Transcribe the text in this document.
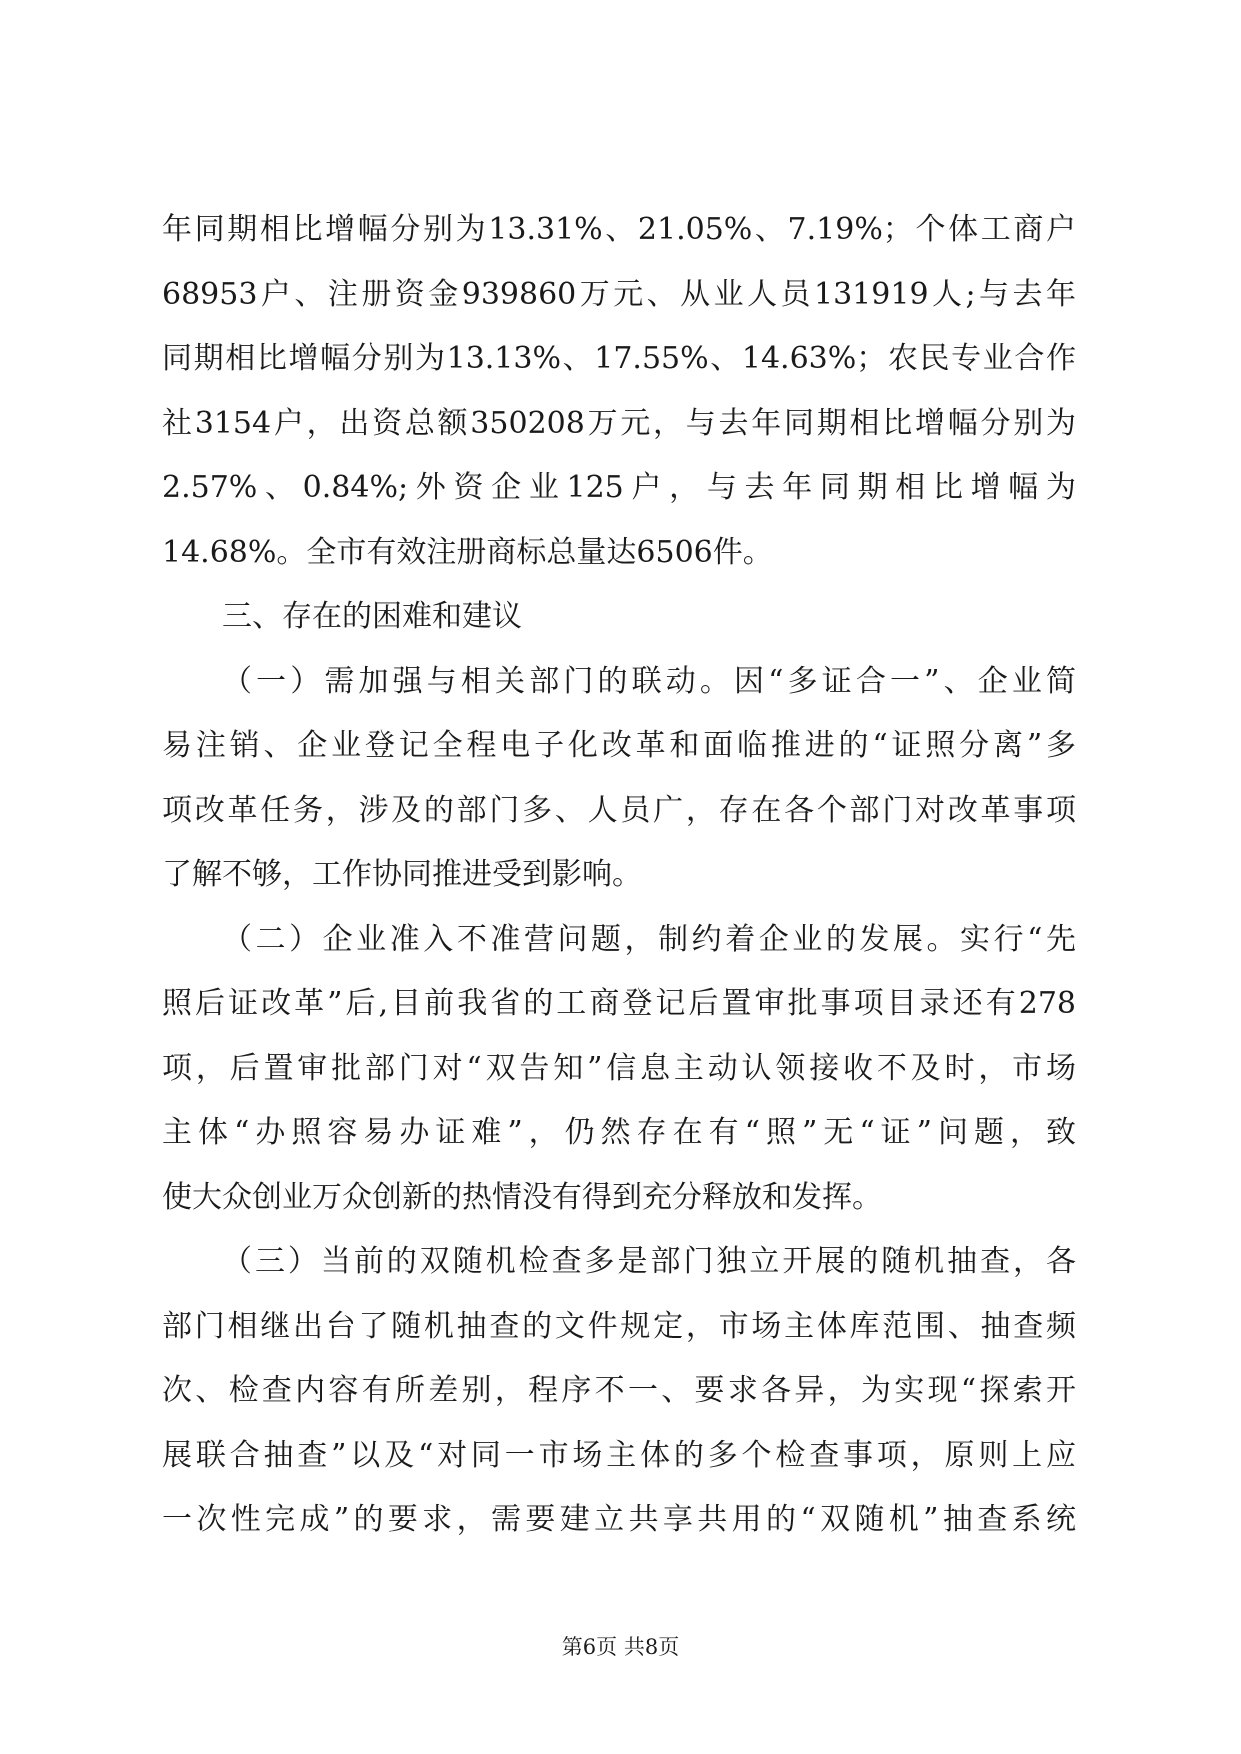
年同期相比增幅分别为13.31%、21.05%、7.19%；个体工商户
68953户、注册资金939860万元、从业人员131919人;与去年
同期相比增幅分别为13.13%、17.55%、14.63%；农民专业合作
社3154户，出资总额350208万元，与去年同期相比增幅分别为
2.57%、0.84%;外资企业125户，与去年同期相比增幅为
14.68%。全市有效注册商标总量达6506件。
三、存在的困难和建议
（一）需加强与相关部门的联动。因“多证合一”、企业简
易注销、企业登记全程电子化改革和面临推进的“证照分离”多
项改革任务，涉及的部门多、人员广，存在各个部门对改革事项
了解不够，工作协同推进受到影响。
（二）企业准入不准营问题，制约着企业的发展。实行“先
照后证改革”后,目前我省的工商登记后置审批事项目录还有278
项，后置审批部门对“双告知”信息主动认领接收不及时，市场
主体“办照容易办证难”，仍然存在有“照”无“证”问题，致
使大众创业万众创新的热情没有得到充分释放和发挥。
（三）当前的双随机检查多是部门独立开展的随机抽查，各
部门相继出台了随机抽查的文件规定，市场主体库范围、抽查频
次、检查内容有所差别，程序不一、要求各异，为实现“探索开
展联合抽查”以及“对同一市场主体的多个检查事项，原则上应
一次性完成”的要求，需要建立共享共用的“双随机”抽查系统
第6页 共8页
